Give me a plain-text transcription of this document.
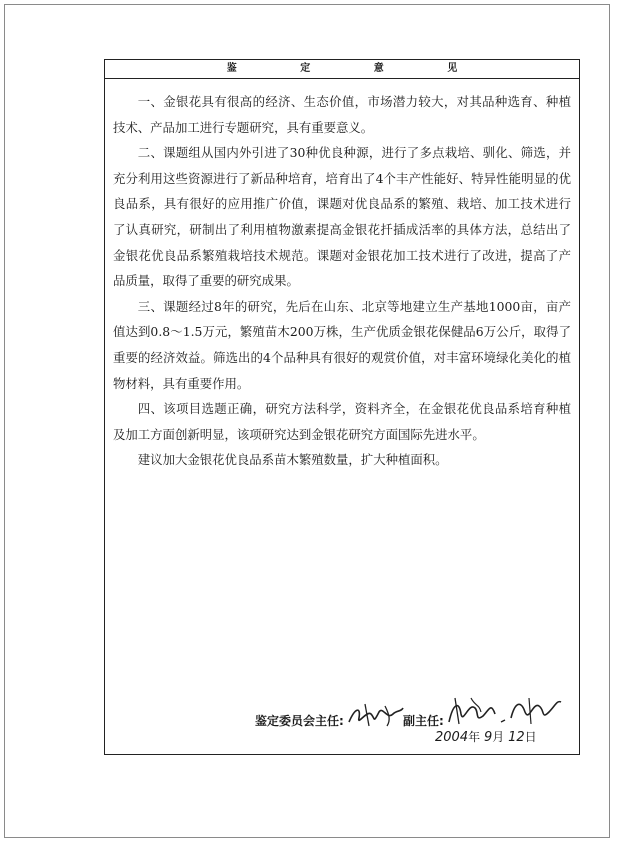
鉴 定 意 见

一、金银花具有很高的经济、生态价值，市场潜力较大，对其品种选育、种植技术、产品加工进行专题研究，具有重要意义。

二、课题组从国内外引进了30种优良种源，进行了多点栽培、驯化、筛选，并充分利用这些资源进行了新品种培育，培育出了4个丰产性能好、特异性能明显的优良品系，具有很好的应用推广价值，课题对优良品系的繁殖、栽培、加工技术进行了认真研究，研制出了利用植物激素提高金银花扦插成活率的具体方法，总结出了金银花优良品系繁殖栽培技术规范。课题对金银花加工技术进行了改进，提高了产品质量，取得了重要的研究成果。

三、课题经过8年的研究，先后在山东、北京等地建立生产基地1000亩，亩产值达到0.8～1.5万元，繁殖苗木200万株，生产优质金银花保健品6万公斤，取得了重要的经济效益。筛选出的4个品种具有很好的观赏价值，对丰富环境绿化美化的植物材料，具有重要作用。

四、该项目选题正确，研究方法科学，资料齐全，在金银花优良品系培育种植及加工方面创新明显，该项研究达到金银花研究方面国际先进水平。

建议加大金银花优良品系苗木繁殖数量，扩大种植面积。

鉴定委员会主任:	副主任:
2004年 9月 12日
